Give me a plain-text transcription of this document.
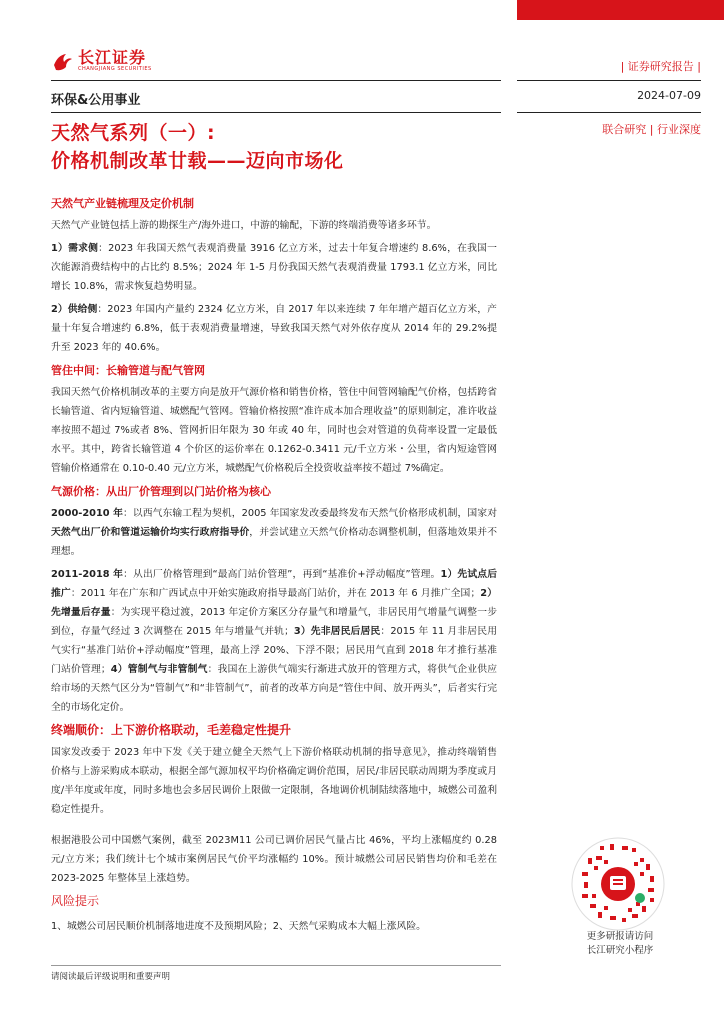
长江证券
CHANGJIANG SECURITIES
环保&公用事业
| 证券研究报告 |
2024-07-09
联合研究 | 行业深度
天然气系列（一）:
价格机制改革廿载——迈向市场化
天然气产业链梳理及定价机制

天然气产业链包括上游的勘探生产/海外进口，中游的输配，下游的终端消费等诸多环节。

1）需求侧：2023 年我国天然气表观消费量 3916 亿立方米，过去十年复合增速约 8.6%，在我国一次能源消费结构中的占比约 8.5%；2024 年 1-5 月份我国天然气表观消费量 1793.1 亿立方米，同比增长 10.8%，需求恢复趋势明显。

2）供给侧：2023 年国内产量约 2324 亿立方米，自 2017 年以来连续 7 年年增产超百亿立方米，产量十年复合增速约 6.8%，低于表观消费量增速，导致我国天然气对外依存度从 2014 年的 29.2%提升至 2023 年的 40.6%。

管住中间：长输管道与配气管网

我国天然气价格机制改革的主要方向是放开气源价格和销售价格，管住中间管网输配气价格，包括跨省长输管道、省内短输管道、城燃配气管网。管输价格按照“准许成本加合理收益”的原则制定，准许收益率按照不超过 7%或者 8%、管网折旧年限为 30 年或 40 年，同时也会对管道的负荷率设置一定最低水平。其中，跨省长输管道 4 个价区的运价率在 0.1262-0.3411 元/千立方米・公里，省内短途管网管输价格通常在 0.10-0.40 元/立方米，城燃配气价格税后全投资收益率按不超过 7%确定。

气源价格：从出厂价管理到以门站价格为核心

2000-2010 年：以西气东输工程为契机，2005 年国家发改委最终发布天然气价格形成机制，国家对天然气出厂价和管道运输价均实行政府指导价，并尝试建立天然气价格动态调整机制，但落地效果并不理想。

2011-2018 年：从出厂价格管理到“最高门站价管理”，再到“基准价+浮动幅度”管理。1）先试点后推广：2011 年在广东和广西试点中开始实施政府指导最高门站价，并在 2013 年 6 月推广全国；2）先增量后存量：为实现平稳过渡，2013 年定价方案区分存量气和增量气，非居民用气增量气调整一步到位，存量气经过 3 次调整在 2015 年与增量气并轨；3）先非居民后居民：2015 年 11 月非居民用气实行“基准门站价+浮动幅度”管理，最高上浮 20%、下浮不限；居民用气直到 2018 年才推行基准门站价管理；4）管制气与非管制气：我国在上游供气端实行渐进式放开的管理方式，将供气企业供应给市场的天然气区分为“管制气”和“非管制气”，前者的改革方向是“管住中间、放开两头”，后者实行完全的市场化定价。

终端顺价：上下游价格联动，毛差稳定性提升

国家发改委于 2023 年中下发《关于建立健全天然气上下游价格联动机制的指导意见》，推动终端销售价格与上游采购成本联动，根据全部气源加权平均价格确定调价范围，居民/非居民联动周期为季度或月度/半年度或年度，同时多地也会多居民调价上限做一定限制，各地调价机制陆续落地中，城燃公司盈利稳定性提升。

根据港股公司中国燃气案例，截至 2023M11 公司已调价居民气量占比 46%，平均上涨幅度约 0.28 元/立方米；我们统计七个城市案例居民气价平均涨幅约 10%。预计城燃公司居民销售均价和毛差在 2023-2025 年整体呈上涨趋势。

风险提示

1、城燃公司居民顺价机制落地进度不及预期风险；2、天然气采购成本大幅上涨风险。

请阅读最后评级说明和重要声明
更多研报请访问
长江研究小程序
